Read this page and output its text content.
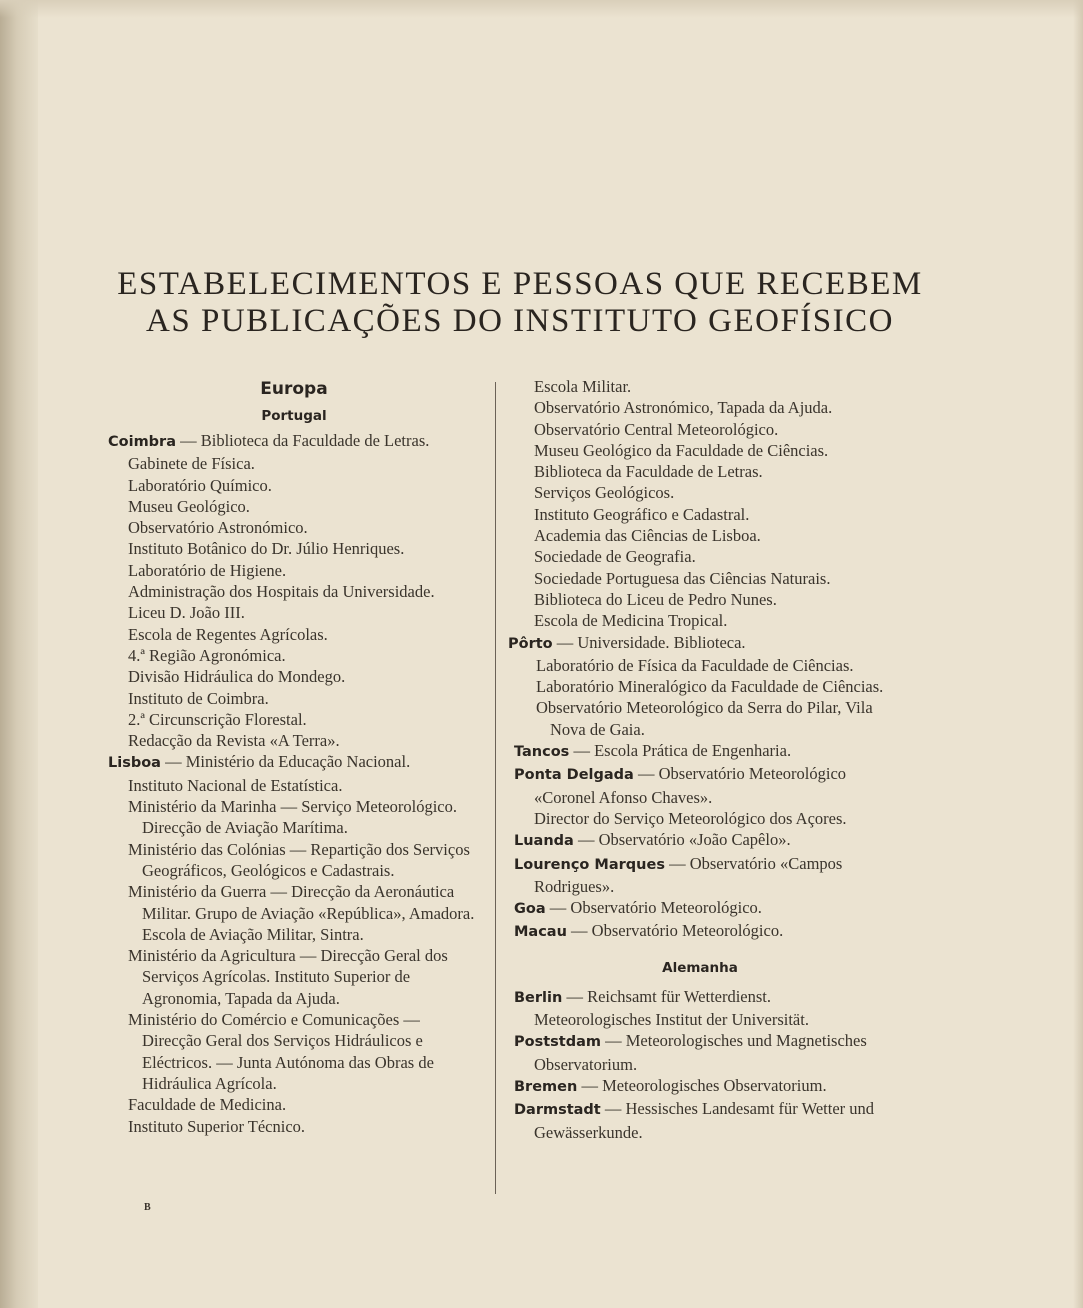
ESTABELECIMENTOS E PESSOAS QUE RECEBEM
AS PUBLICAÇÕES DO INSTITUTO GEOFÍSICO
Europa
Portugal
Coimbra — Biblioteca da Faculdade de Letras.
Gabinete de Física.
Laboratório Químico.
Museu Geológico.
Observatório Astronómico.
Instituto Botânico do Dr. Júlio Henriques.
Laboratório de Higiene.
Administração dos Hospitais da Universidade.
Liceu D. João III.
Escola de Regentes Agrícolas.
4.ª Região Agronómica.
Divisão Hidráulica do Mondego.
Instituto de Coimbra.
2.ª Circunscrição Florestal.
Redacção da Revista «A Terra».
Lisboa — Ministério da Educação Nacional.
Instituto Nacional de Estatística.
Ministério da Marinha — Serviço Meteorológico. Direcção de Aviação Marítima.
Ministério das Colónias — Repartição dos Serviços Geográficos, Geológicos e Cadastrais.
Ministério da Guerra — Direcção da Aeronáutica Militar. Grupo de Aviação «República», Amadora. Escola de Aviação Militar, Sintra.
Ministério da Agricultura — Direcção Geral dos Serviços Agrícolas. Instituto Superior de Agronomia, Tapada da Ajuda.
Ministério do Comércio e Comunicações — Direcção Geral dos Serviços Hidráulicos e Eléctricos. — Junta Autónoma das Obras de Hidráulica Agrícola.
Faculdade de Medicina.
Instituto Superior Técnico.
Escola Militar.
Observatório Astronómico, Tapada da Ajuda.
Observatório Central Meteorológico.
Museu Geológico da Faculdade de Ciências.
Biblioteca da Faculdade de Letras.
Serviços Geológicos.
Instituto Geográfico e Cadastral.
Academia das Ciências de Lisboa.
Sociedade de Geografia.
Sociedade Portuguesa das Ciências Naturais.
Biblioteca do Liceu de Pedro Nunes.
Escola de Medicina Tropical.
Pôrto — Universidade. Biblioteca.
Laboratório de Física da Faculdade de Ciências.
Laboratório Mineralógico da Faculdade de Ciências.
Observatório Meteorológico da Serra do Pilar, Vila Nova de Gaia.
Tancos — Escola Prática de Engenharia.
Ponta Delgada — Observatório Meteorológico «Coronel Afonso Chaves».
Director do Serviço Meteorológico dos Açores.
Luanda — Observatório «João Capêlo».
Lourenço Marques — Observatório «Campos Rodrigues».
Goa — Observatório Meteorológico.
Macau — Observatório Meteorológico.
Alemanha
Berlin — Reichsamt für Wetterdienst.
Meteorologisches Institut der Universität.
Poststdam — Meteorologisches und Magnetisches Observatorium.
Bremen — Meteorologisches Observatorium.
Darmstadt — Hessisches Landesamt für Wetter und Gewässerkunde.
B
